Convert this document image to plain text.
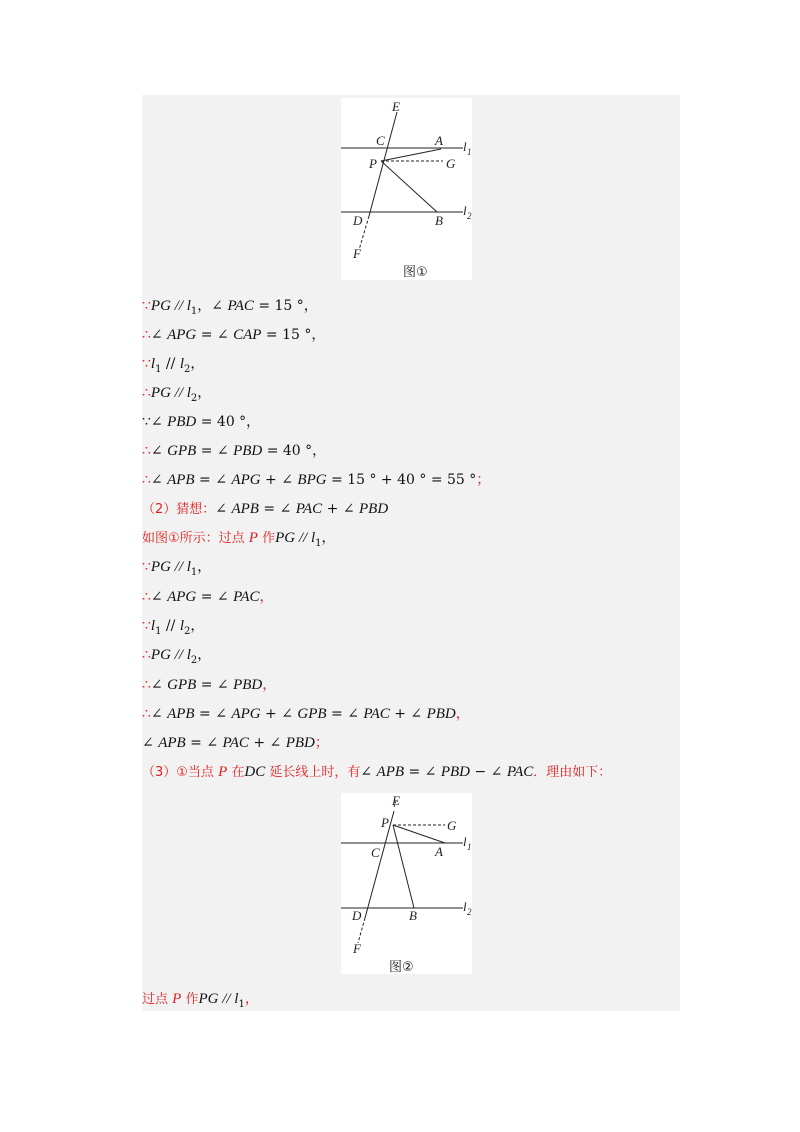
E
C	A l 1
P	G
D	B
l 2
F
图①
E
P	G
C	A
l 1
D	B
l 2
F
图②
∵PG // $l_1$，∠ PAC = 15 °，
∴∠ APG = ∠ CAP = 15 °，
$\because l_1 // l_2$，
∴PG // $l_2$，
∵∠ PBD = 40 °，
∴∠ GPB = ∠ PBD = 40 °，
∴∠ APB = ∠ APG + ∠ BPG = 15 ° + 40 ° = 55 °；
（2）猜想：∠ APB = ∠ PAC + ∠ PBD
如图①所示：过点 P 作PG // $l_1$，
∵PG // $l_1$，
∴∠ APG = ∠ PAC，
$\because l_1 // l_2$，
∴PG // $l_2$，
∴∠ GPB = ∠ PBD，
∴∠ APB = ∠ APG + ∠ GPB = ∠ PAC + ∠ PBD，
∠ APB = ∠ PAC + ∠ PBD；
（3）①当点 P 在DC 延长线上时，有∠ APB = ∠ PBD − ∠ PAC．理由如下：
过点 P 作PG // $l_1$，
